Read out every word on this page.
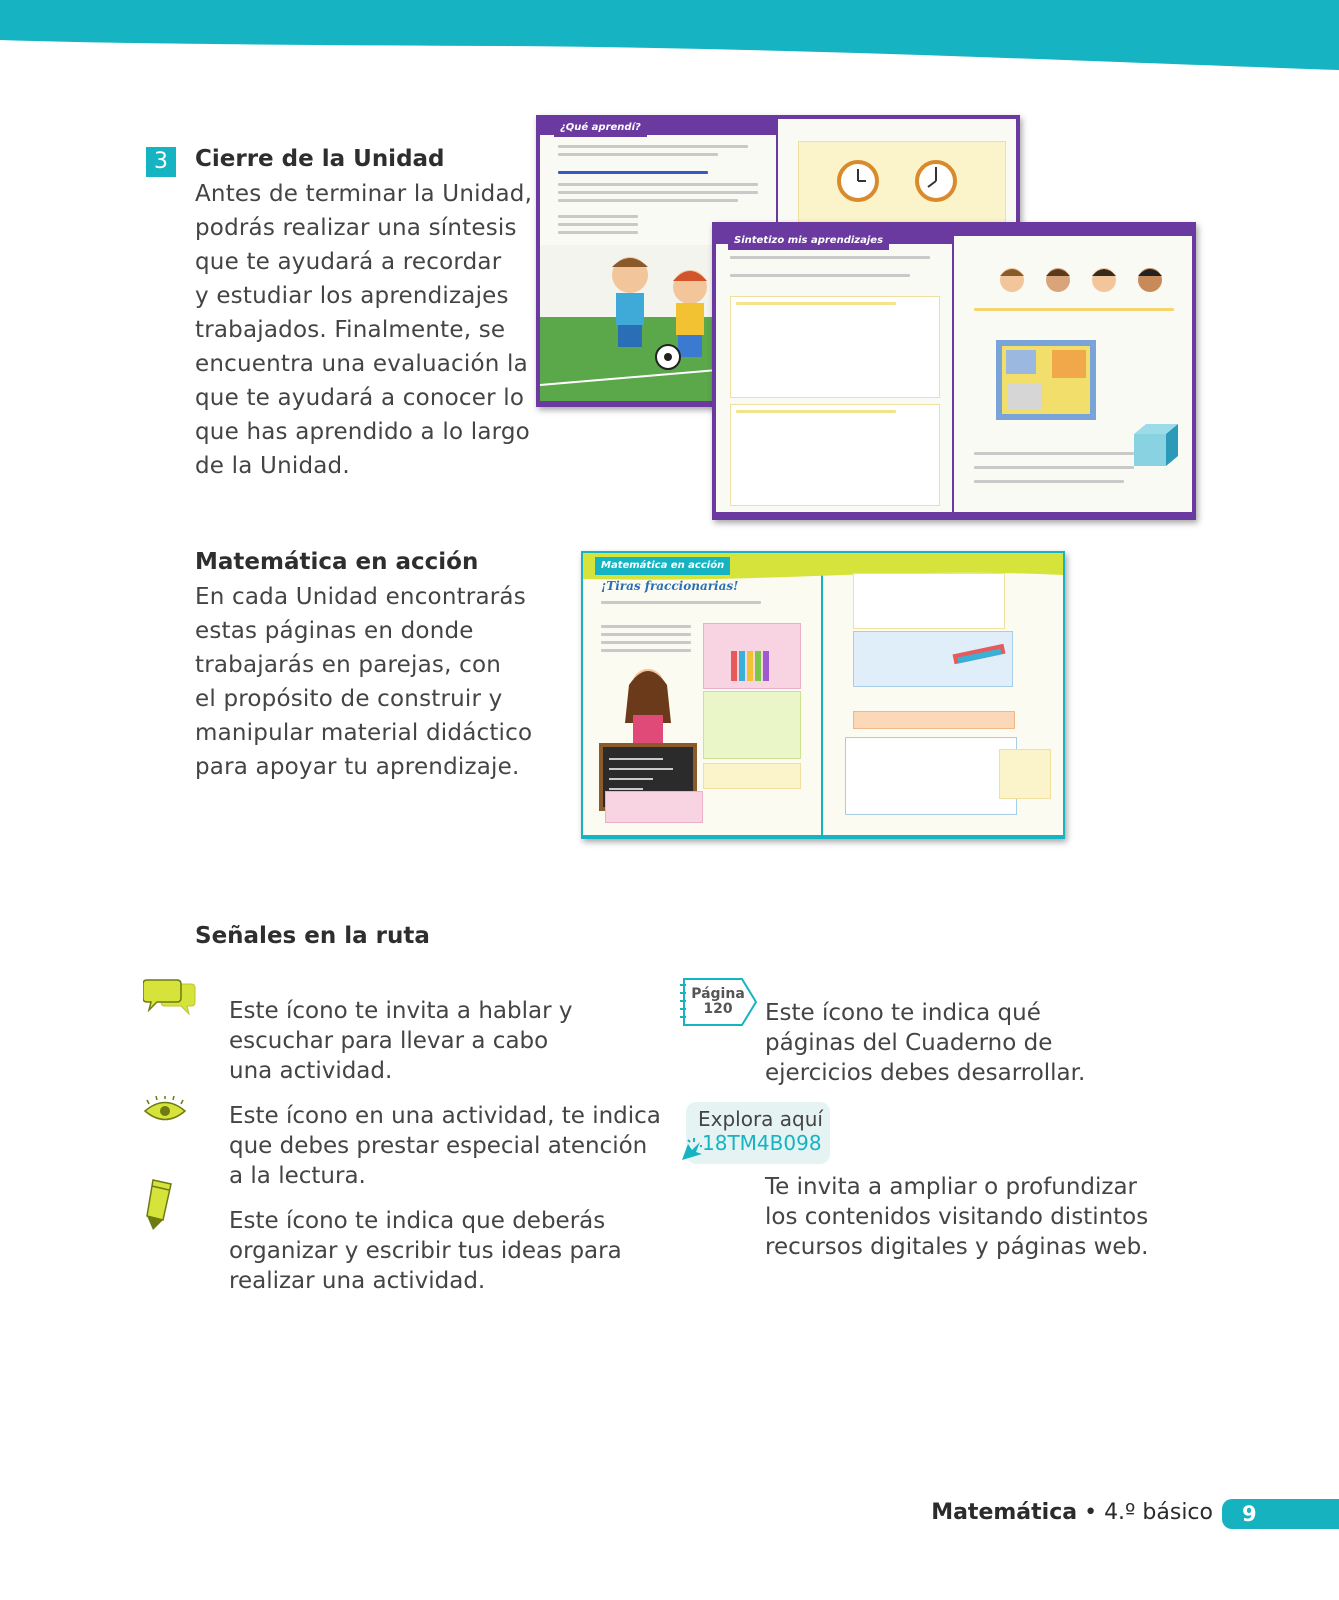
3	Cierre de la Unidad
Antes de terminar la Unidad,
podrás realizar una síntesis
que te ayudará a recordar
y estudiar los aprendizajes
trabajados. Finalmente, se
encuentra una evaluación la
que te ayudará a conocer lo
que has aprendido a lo largo
de la Unidad.
¿Qué aprendí?
Sintetizo mis aprendizajes
Matemática en acción
En cada Unidad encontrarás
estas páginas en donde
trabajarás en parejas, con
el propósito de construir y
manipular material didáctico
para apoyar tu aprendizaje.
Matemática en acción
¡Tiras fraccionarias!
Señales en la ruta
Este ícono te invita a hablar y
escuchar para llevar a cabo
una actividad.
Este ícono en una actividad, te indica
que debes prestar especial atención
a la lectura.
Este ícono te indica que deberás
organizar y escribir tus ideas para
realizar una actividad.
Página
120	Este ícono te indica qué
páginas del Cuaderno de
ejercicios debes desarrollar.
Explora aquí
18TM4B098
Te invita a ampliar o profundizar
los contenidos visitando distintos
recursos digitales y páginas web.
Matemática • 4.º básico	9
